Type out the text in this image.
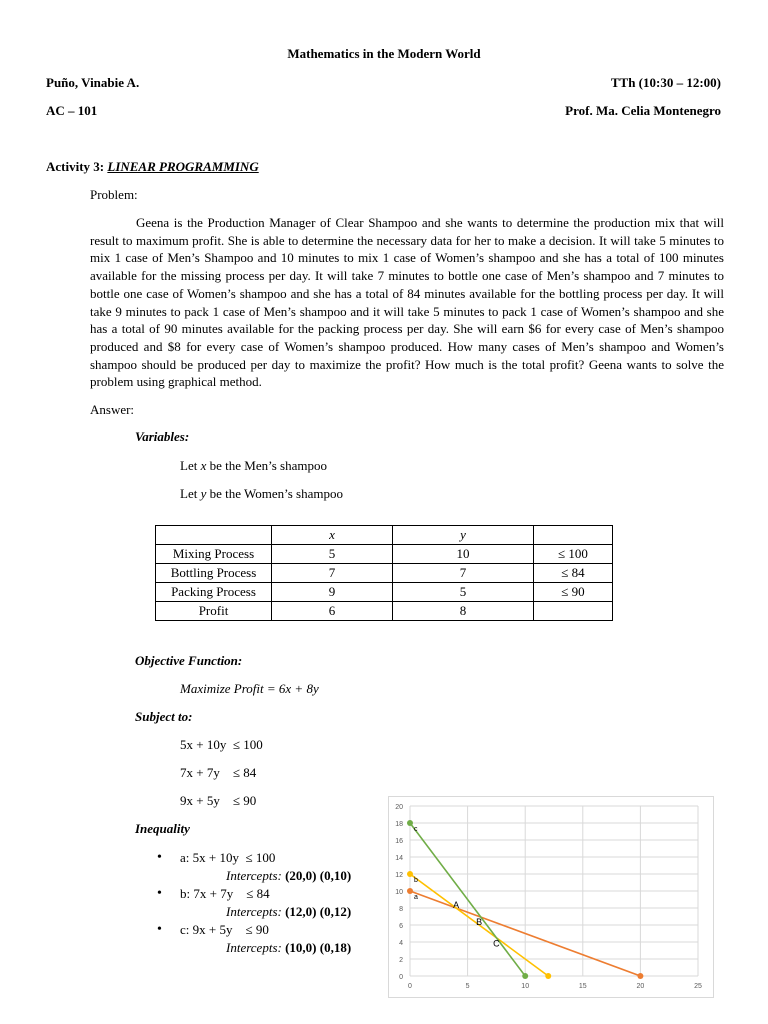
Mathematics in the Modern World
Puño, Vinabie A.	TTh (10:30 – 12:00)
AC – 101	Prof. Ma. Celia Montenegro
Activity 3: LINEAR PROGRAMMING
Problem:
Geena is the Production Manager of Clear Shampoo and she wants to determine the production mix that will result to maximum profit. She is able to determine the necessary data for her to make a decision. It will take 5 minutes to mix 1 case of Men’s Shampoo and 10 minutes to mix 1 case of Women’s shampoo and she has a total of 100 minutes available for the missing process per day. It will take 7 minutes to bottle one case of Men’s shampoo and 7 minutes to bottle one case of Women’s shampoo and she has a total of 84 minutes available for the bottling process per day. It will take 9 minutes to pack 1 case of Men’s shampoo and it will take 5 minutes to pack 1 case of Women’s shampoo and she has a total of 90 minutes available for the packing process per day. She will earn $6 for every case of Men’s shampoo produced and $8 for every case of Women’s shampoo produced. How many cases of Men’s shampoo and Women’s shampoo should be produced per day to maximize the profit? How much is the total profit? Geena wants to solve the problem using graphical method.
Answer:
Variables:
Let x be the Men’s shampoo
Let y be the Women’s shampoo
	x	y	
Mixing Process	5	10	≤ 100
Bottling Process	7	7	≤ 84
Packing Process	9	5	≤ 90
Profit	6	8	
Objective Function:
Maximize Profit = 6x + 8y
Subject to:
5x + 10y  ≤ 100
7x + 7y    ≤ 84
9x + 5y    ≤ 90
Inequality
• a: 5x + 10y  ≤ 100
Intercepts: (20,0) (0,10)
• b: 7x + 7y    ≤ 84
Intercepts: (12,0) (0,12)
• c: 9x + 5y    ≤ 90
Intercepts: (10,0) (0,18)
0
2
4
6
8
10
12
14
16
18
20
0	5	10	15	20	25
a
b
c
A
B
C
